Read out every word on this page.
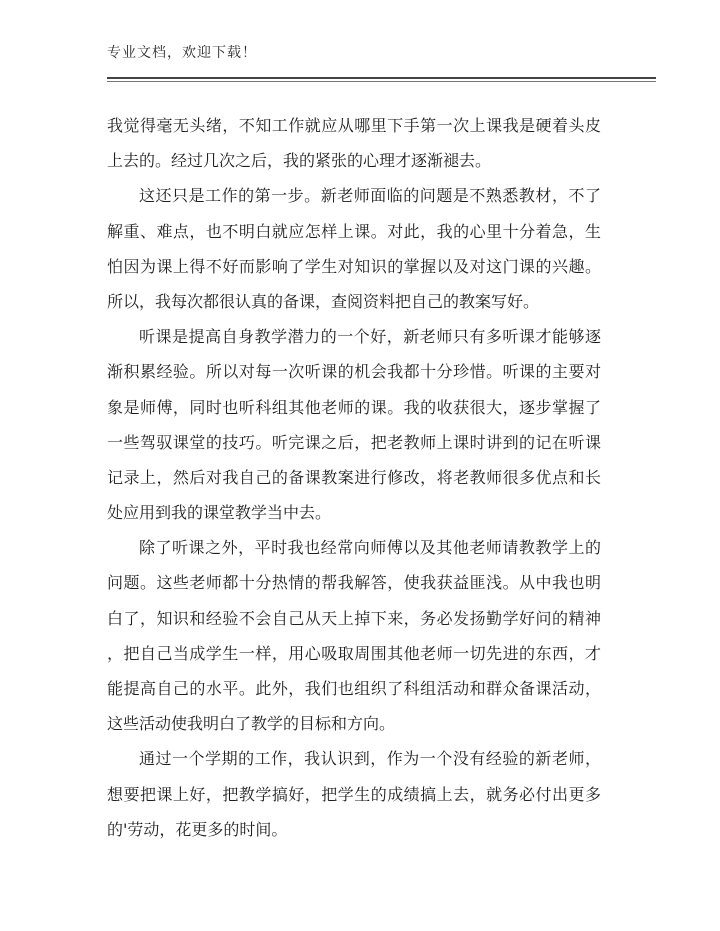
专业文档，欢迎下载！
我觉得毫无头绪，不知工作就应从哪里下手第一次上课我是硬着头皮
上去的。经过几次之后，我的紧张的心理才逐渐褪去。
这还只是工作的第一步。新老师面临的问题是不熟悉教材，不了
解重、难点，也不明白就应怎样上课。对此，我的心里十分着急，生
怕因为课上得不好而影响了学生对知识的掌握以及对这门课的兴趣。
所以，我每次都很认真的备课，查阅资料把自己的教案写好。
听课是提高自身教学潜力的一个好，新老师只有多听课才能够逐
渐积累经验。所以对每一次听课的机会我都十分珍惜。听课的主要对
象是师傅，同时也听科组其他老师的课。我的收获很大，逐步掌握了
一些驾驭课堂的技巧。听完课之后，把老教师上课时讲到的记在听课
记录上，然后对我自己的备课教案进行修改，将老教师很多优点和长
处应用到我的课堂教学当中去。
除了听课之外，平时我也经常向师傅以及其他老师请教教学上的
问题。这些老师都十分热情的帮我解答，使我获益匪浅。从中我也明
白了，知识和经验不会自己从天上掉下来，务必发扬勤学好问的精神
，把自己当成学生一样，用心吸取周围其他老师一切先进的东西，才
能提高自己的水平。此外，我们也组织了科组活动和群众备课活动，
这些活动使我明白了教学的目标和方向。
通过一个学期的工作，我认识到，作为一个没有经验的新老师，
想要把课上好，把教学搞好，把学生的成绩搞上去，就务必付出更多
的'劳动，花更多的时间。
